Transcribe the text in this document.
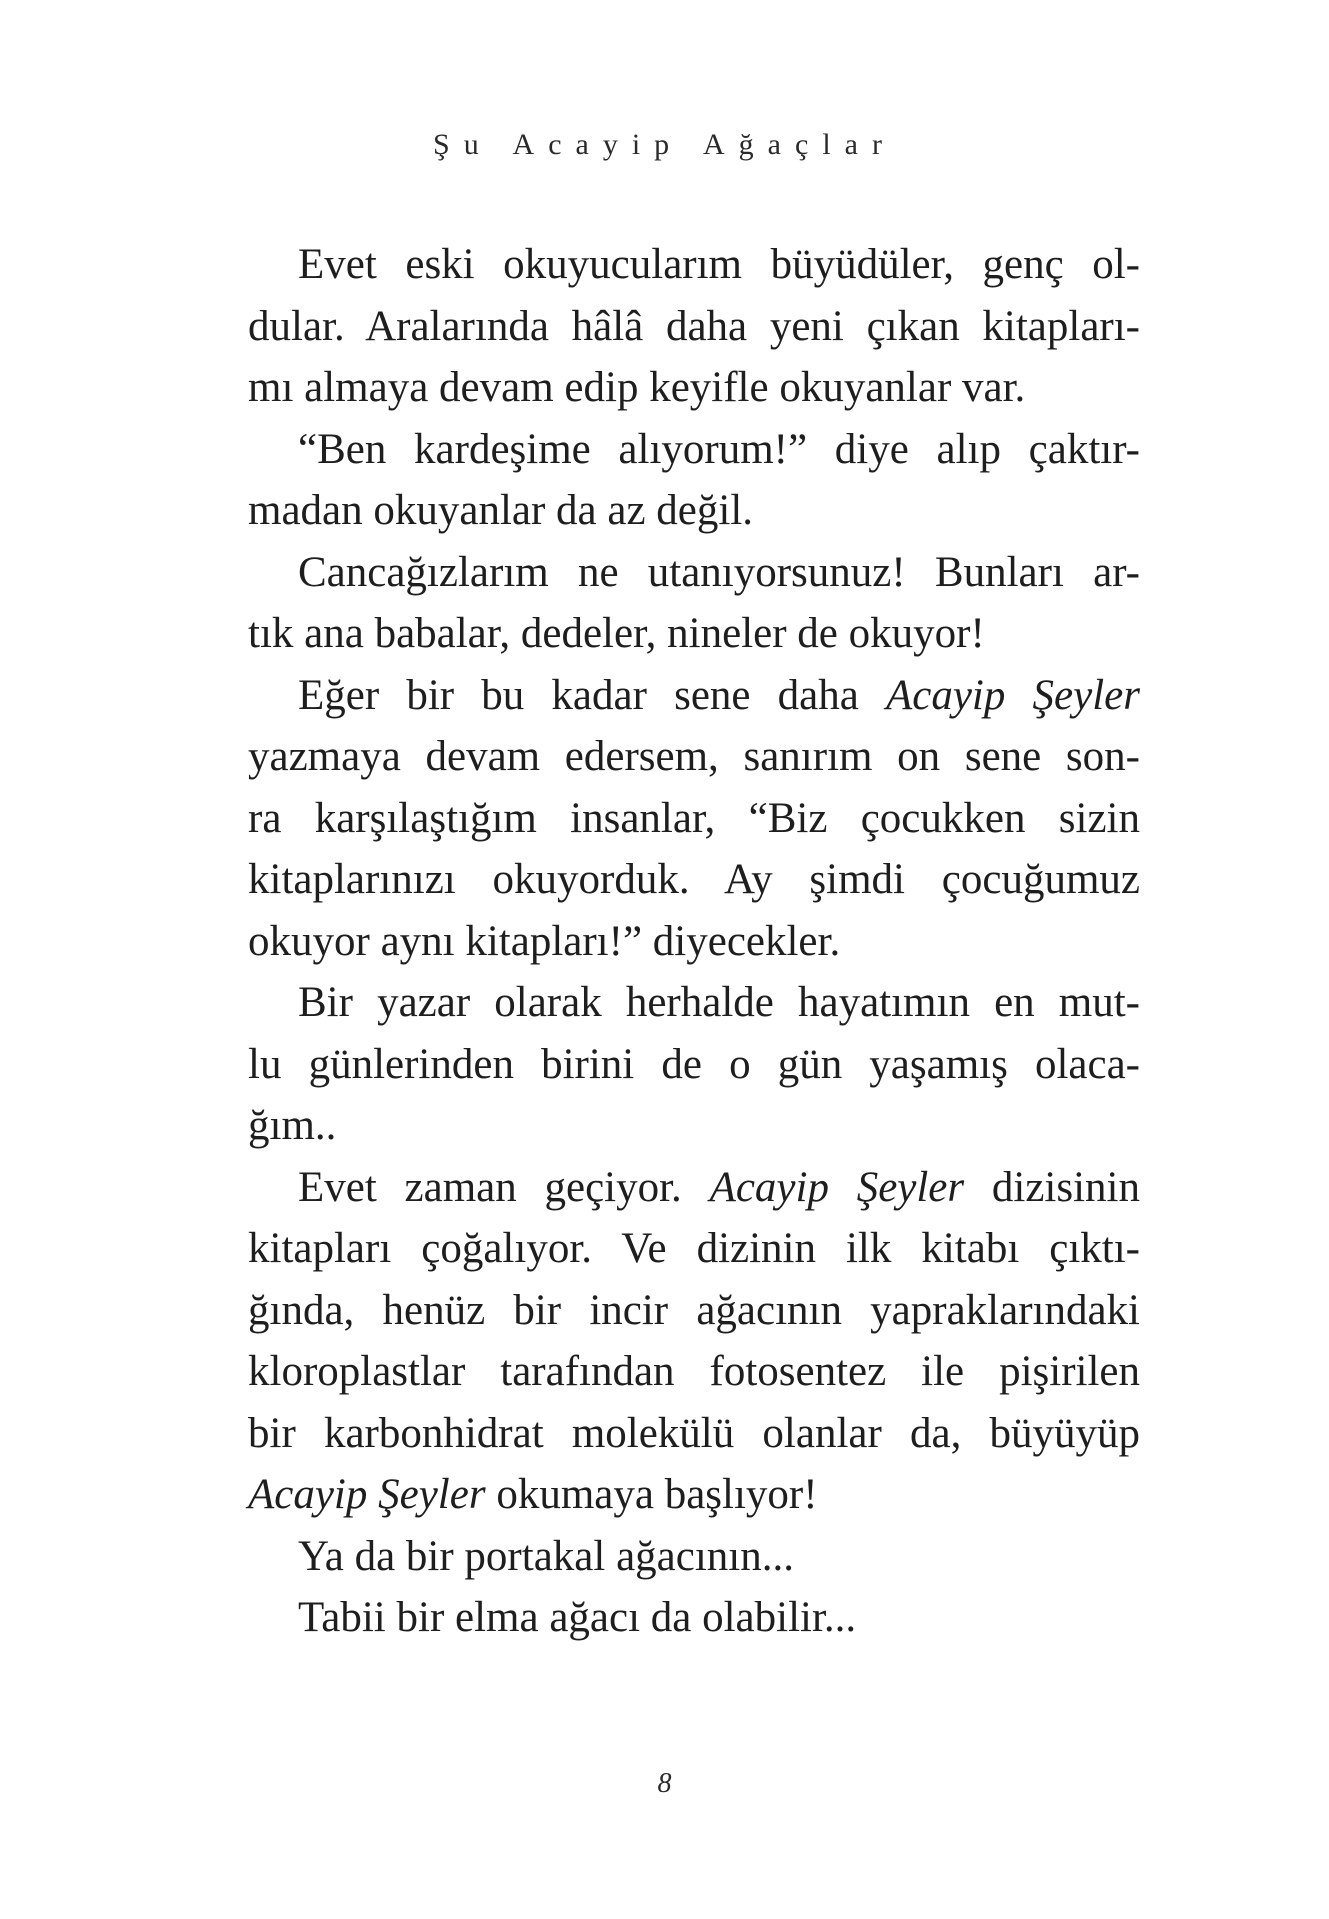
Şu Acayip Ağaçlar
Evet eski okuyucularım büyüdüler, genç ol-
dular. Aralarında hâlâ daha yeni çıkan kitapları-
mı almaya devam edip keyifle okuyanlar var.
“Ben kardeşime alıyorum!” diye alıp çaktır-
madan okuyanlar da az değil.
Cancağızlarım ne utanıyorsunuz! Bunları ar-
tık ana babalar, dedeler, nineler de okuyor!
Eğer bir bu kadar sene daha Acayip Şeyler
yazmaya devam edersem, sanırım on sene son-
ra karşılaştığım insanlar, “Biz çocukken sizin
kitaplarınızı okuyorduk. Ay şimdi çocuğumuz
okuyor aynı kitapları!” diyecekler.
Bir yazar olarak herhalde hayatımın en mut-
lu günlerinden birini de o gün yaşamış olaca-
ğım..
Evet zaman geçiyor. Acayip Şeyler dizisinin
kitapları çoğalıyor. Ve dizinin ilk kitabı çıktı-
ğında, henüz bir incir ağacının yapraklarındaki
kloroplastlar tarafından fotosentez ile pişirilen
bir karbonhidrat molekülü olanlar da, büyüyüp
Acayip Şeyler okumaya başlıyor!
Ya da bir portakal ağacının...
Tabii bir elma ağacı da olabilir...
8
